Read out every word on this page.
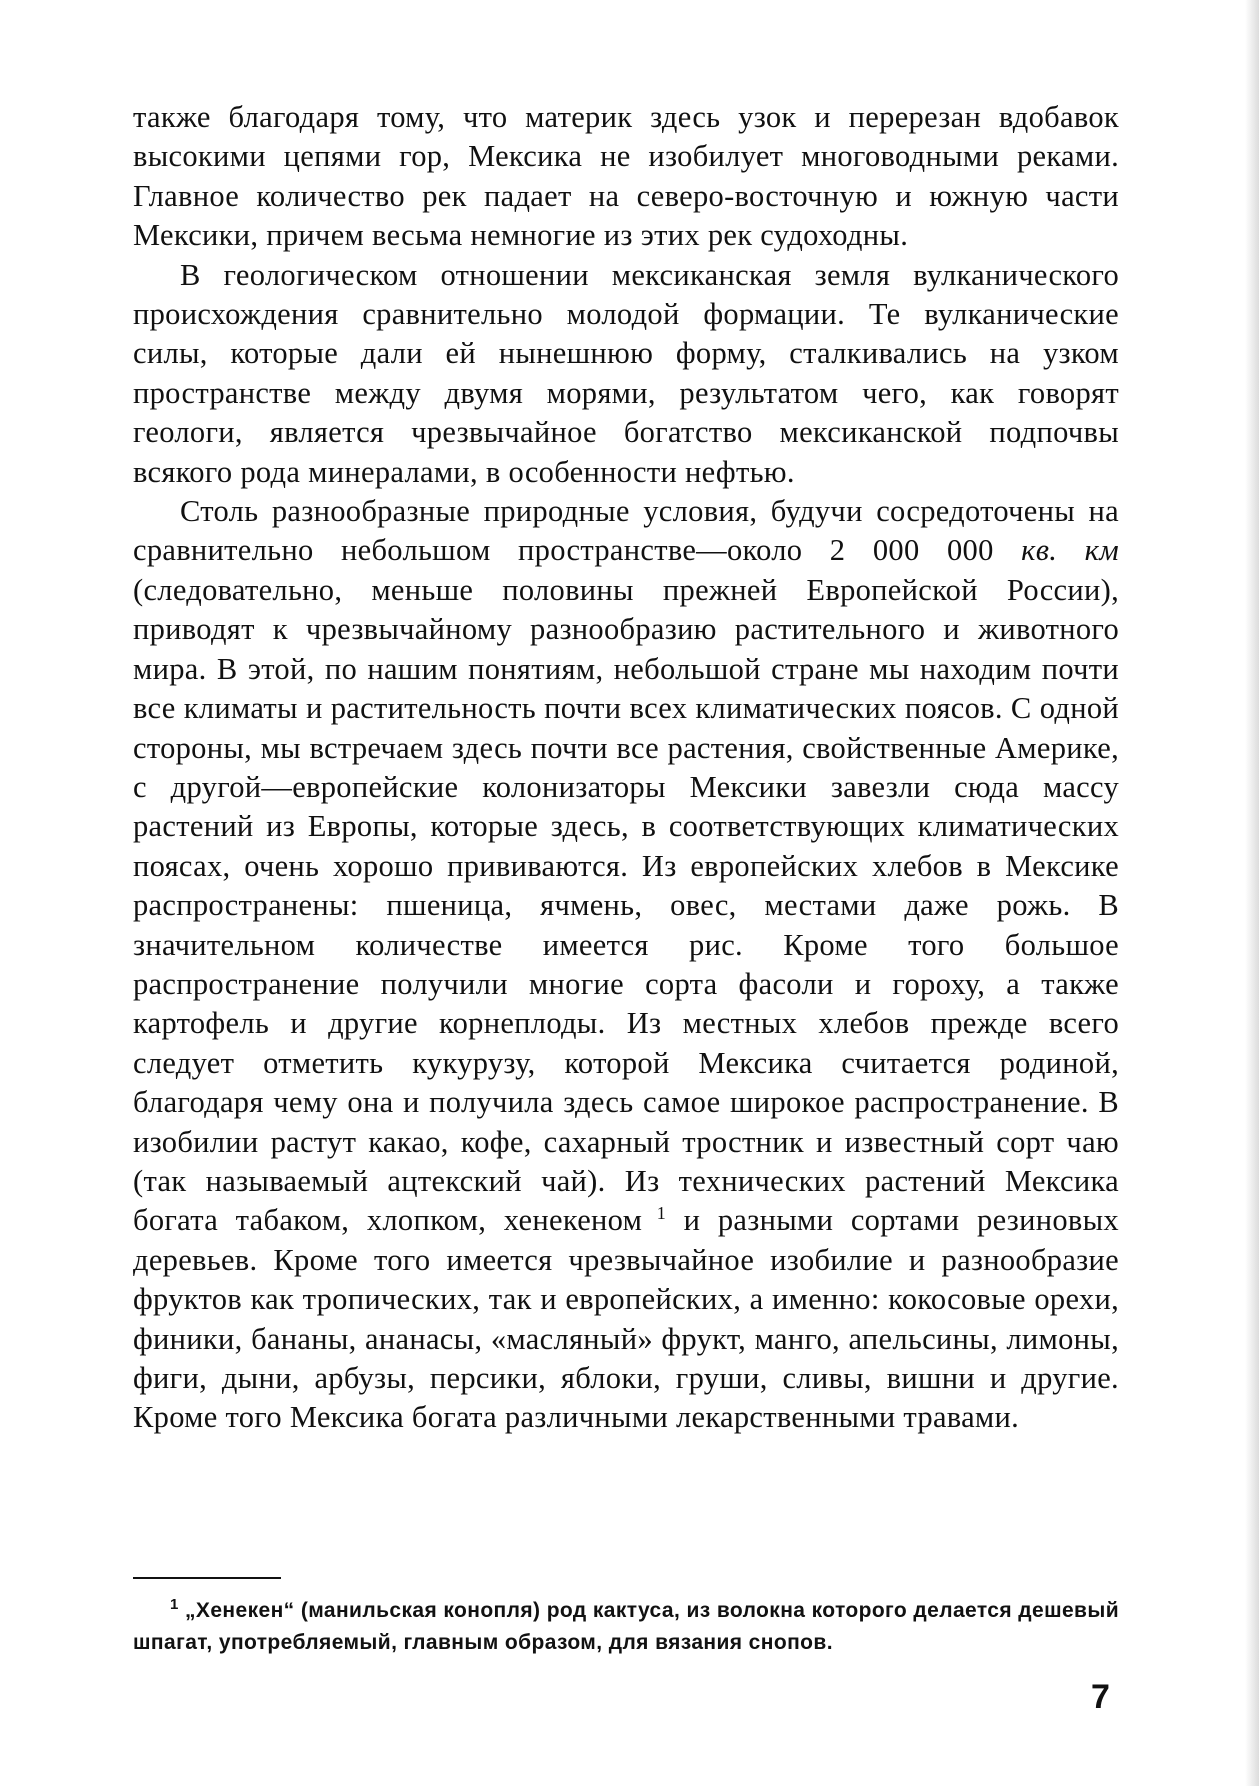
также благодаря тому, что материк здесь узок и перерезан вдобавок высокими цепями гор, Мексика не изобилует многоводными реками. Главное количество рек падает на северо-восточную и южную части Мексики, причем весьма немногие из этих рек судоходны.

В геологическом отношении мексиканская земля вулканического происхождения сравнительно молодой формации. Те вулканические силы, которые дали ей нынешнюю форму, сталкивались на узком пространстве между двумя морями, результатом чего, как говорят геологи, является чрезвычайное богатство мексиканской подпочвы всякого рода минералами, в особенности нефтью.

Столь разнообразные природные условия, будучи сосредоточены на сравнительно небольшом пространстве—около 2 000 000 кв. км (следовательно, меньше половины прежней Европейской России), приводят к чрезвычайному разнообразию растительного и животного мира. В этой, по нашим понятиям, небольшой стране мы находим почти все климаты и растительность почти всех климатических поясов. С одной стороны, мы встречаем здесь почти все растения, свойственные Америке, с другой—европейские колонизаторы Мексики завезли сюда массу растений из Европы, которые здесь, в соответствующих климатических поясах, очень хорошо прививаются. Из европейских хлебов в Мексике распространены: пшеница, ячмень, овес, местами даже рожь. В значительном количестве имеется рис. Кроме того большое распространение получили многие сорта фасоли и гороху, а также картофель и другие корнеплоды. Из местных хлебов прежде всего следует отметить кукурузу, которой Мексика считается родиной, благодаря чему она и получила здесь самое широкое распространение. В изобилии растут какао, кофе, сахарный тростник и известный сорт чаю (так называемый ацтекский чай). Из технических растений Мексика богата табаком, хлопком, хенекеном $^1$ и разными сортами резиновых деревьев. Кроме того имеется чрезвычайное изобилие и разнообразие фруктов как тропических, так и европейских, а именно: кокосовые орехи, финики, бананы, ананасы, «масляный» фрукт, манго, апельсины, лимоны, фиги, дыни, арбузы, персики, яблоки, груши, сливы, вишни и другие. Кроме того Мексика богата различными лекарственными травами.

$^1$ „Хенекен“ (манильская конопля) род кактуса, из волокна которого делается дешевый шпагат, употребляемый, главным образом, для вязания снопов.

7
